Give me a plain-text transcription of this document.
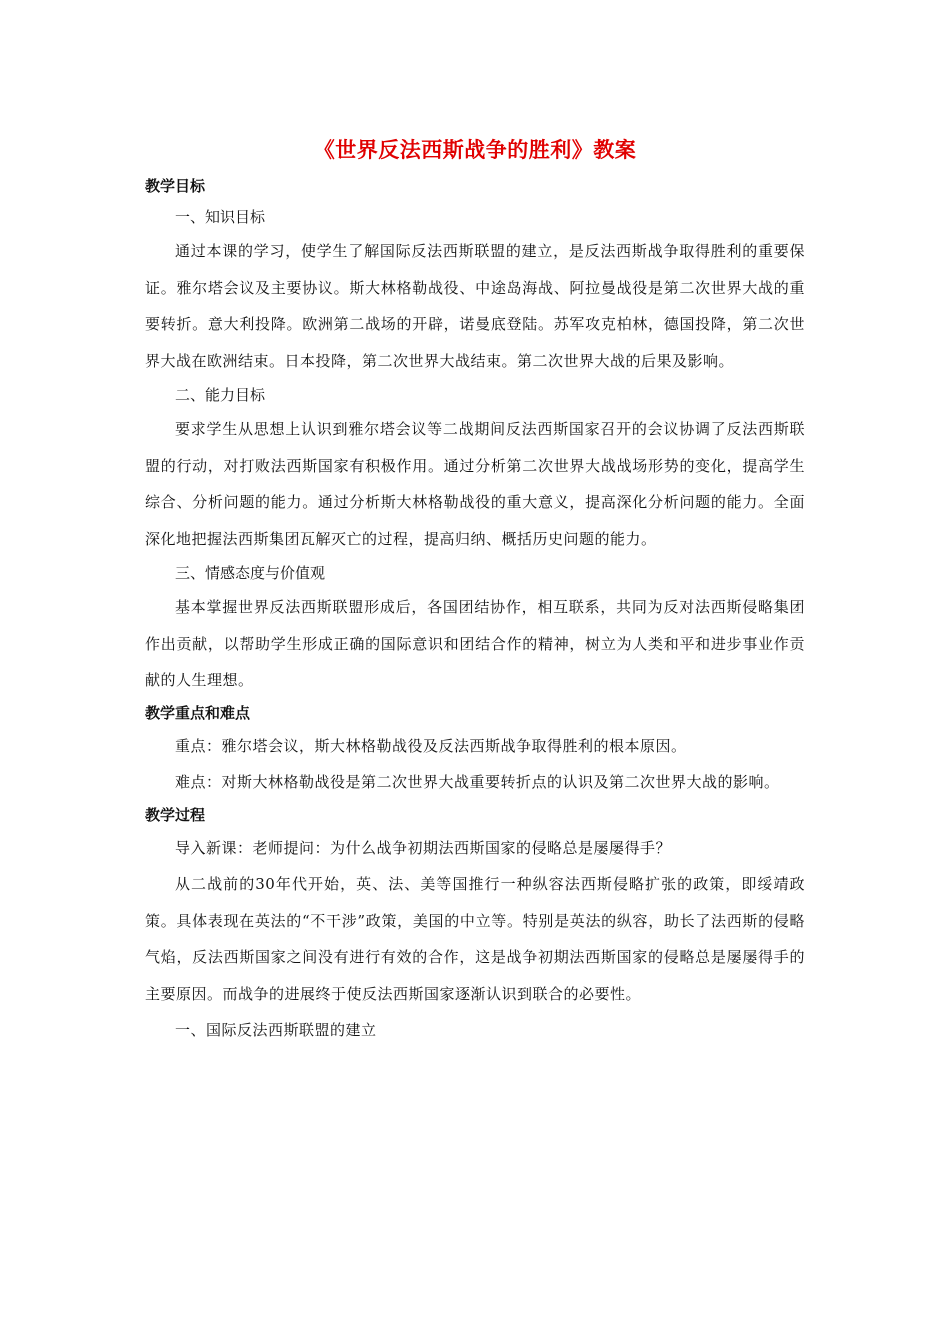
《世界反法西斯战争的胜利》教案

教学目标

一、知识目标

通过本课的学习，使学生了解国际反法西斯联盟的建立，是反法西斯战争取得胜利的重要保证。雅尔塔会议及主要协议。斯大林格勒战役、中途岛海战、阿拉曼战役是第二次世界大战的重要转折。意大利投降。欧洲第二战场的开辟，诺曼底登陆。苏军攻克柏林，德国投降，第二次世界大战在欧洲结束。日本投降，第二次世界大战结束。第二次世界大战的后果及影响。

二、能力目标

要求学生从思想上认识到雅尔塔会议等二战期间反法西斯国家召开的会议协调了反法西斯联盟的行动，对打败法西斯国家有积极作用。通过分析第二次世界大战战场形势的变化，提高学生综合、分析问题的能力。通过分析斯大林格勒战役的重大意义，提高深化分析问题的能力。全面深化地把握法西斯集团瓦解灭亡的过程，提高归纳、概括历史问题的能力。

三、情感态度与价值观

基本掌握世界反法西斯联盟形成后，各国团结协作，相互联系，共同为反对法西斯侵略集团作出贡献，以帮助学生形成正确的国际意识和团结合作的精神，树立为人类和平和进步事业作贡献的人生理想。

教学重点和难点

重点：雅尔塔会议，斯大林格勒战役及反法西斯战争取得胜利的根本原因。

难点：对斯大林格勒战役是第二次世界大战重要转折点的认识及第二次世界大战的影响。

教学过程

导入新课：老师提问：为什么战争初期法西斯国家的侵略总是屡屡得手？

从二战前的30年代开始，英、法、美等国推行一种纵容法西斯侵略扩张的政策，即绥靖政策。具体表现在英法的“不干涉”政策，美国的中立等。特别是英法的纵容，助长了法西斯的侵略气焰，反法西斯国家之间没有进行有效的合作，这是战争初期法西斯国家的侵略总是屡屡得手的主要原因。而战争的进展终于使反法西斯国家逐渐认识到联合的必要性。

一、国际反法西斯联盟的建立
